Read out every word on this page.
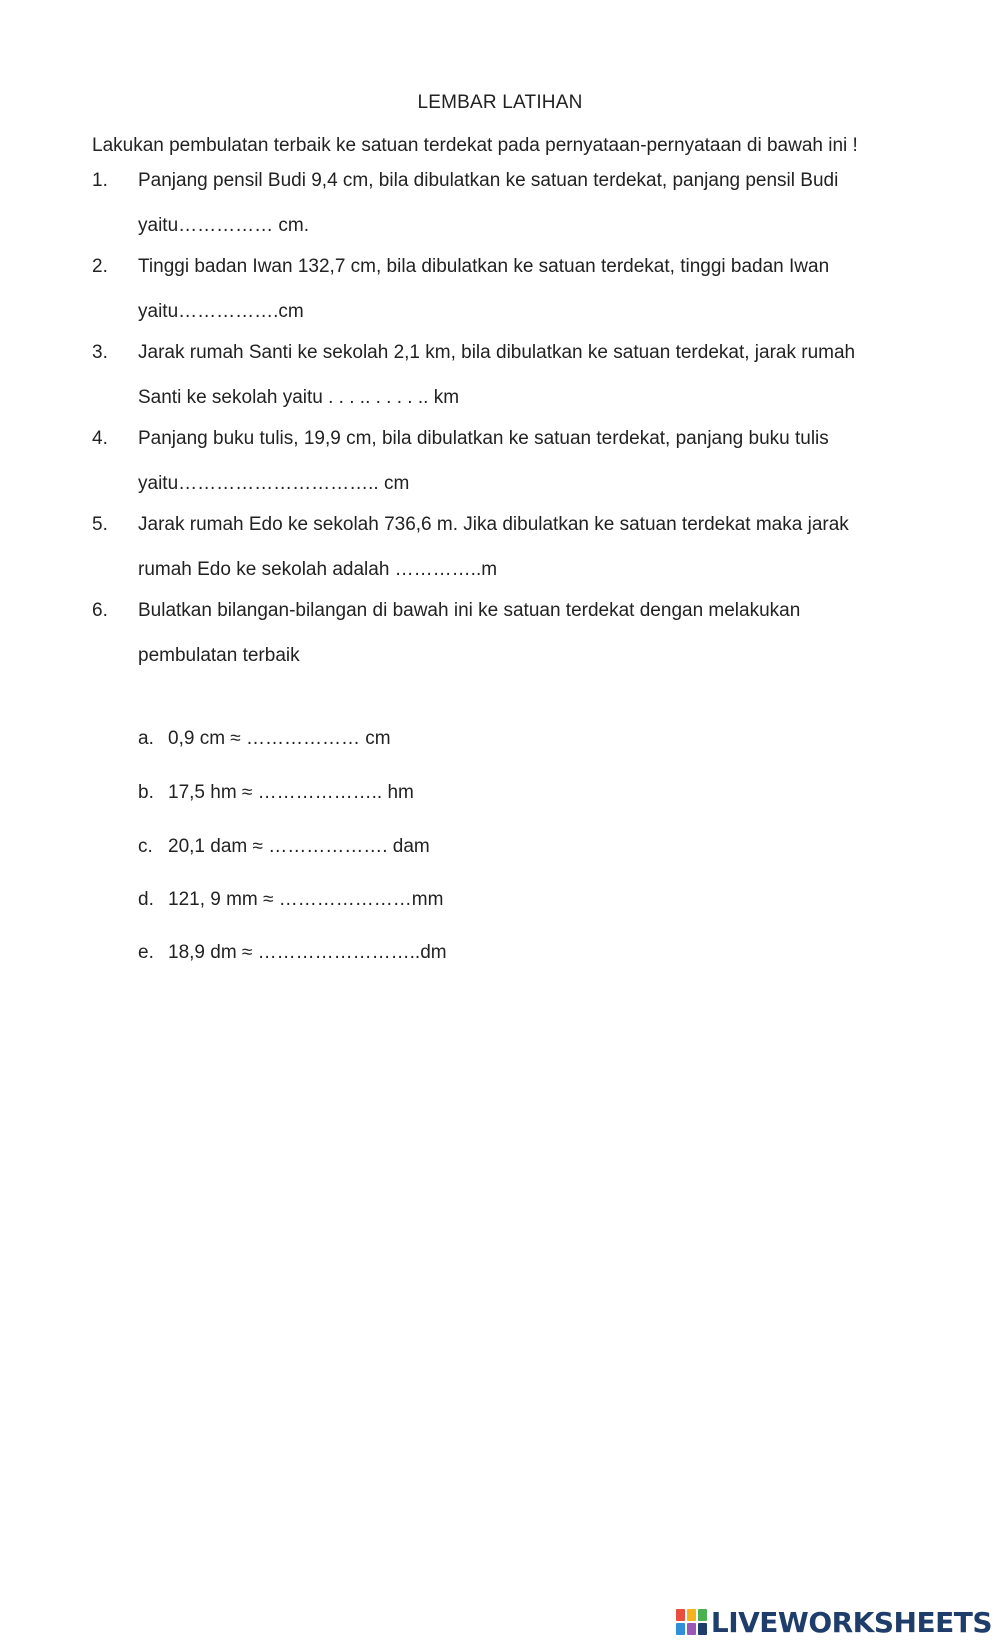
LEMBAR LATIHAN
Lakukan pembulatan terbaik ke satuan terdekat pada pernyataan-pernyataan di bawah ini !
1. Panjang pensil Budi 9,4 cm, bila dibulatkan ke satuan terdekat, panjang pensil Budi
yaitu…………… cm.
2. Tinggi badan Iwan 132,7 cm, bila dibulatkan ke satuan terdekat, tinggi badan Iwan
yaitu…………….cm
3. Jarak rumah Santi ke sekolah 2,1 km, bila dibulatkan ke satuan terdekat, jarak rumah
Santi ke sekolah yaitu . . . .. . . . . .. km
4. Panjang buku tulis, 19,9 cm, bila dibulatkan ke satuan terdekat, panjang buku tulis
yaitu………………………….. cm
5. Jarak rumah Edo ke sekolah 736,6 m. Jika dibulatkan ke satuan terdekat maka jarak
rumah Edo ke sekolah adalah …………..m
6. Bulatkan bilangan-bilangan di bawah ini ke satuan terdekat dengan melakukan
pembulatan terbaik
a. 0,9 cm ≈ ……………… cm
b. 17,5 hm ≈ ……………….. hm
c. 20,1 dam ≈ ………………. dam
d. 121, 9 mm ≈ …………………mm
e. 18,9 dm ≈ ……………………..dm
LIVEWORKSHEETS
